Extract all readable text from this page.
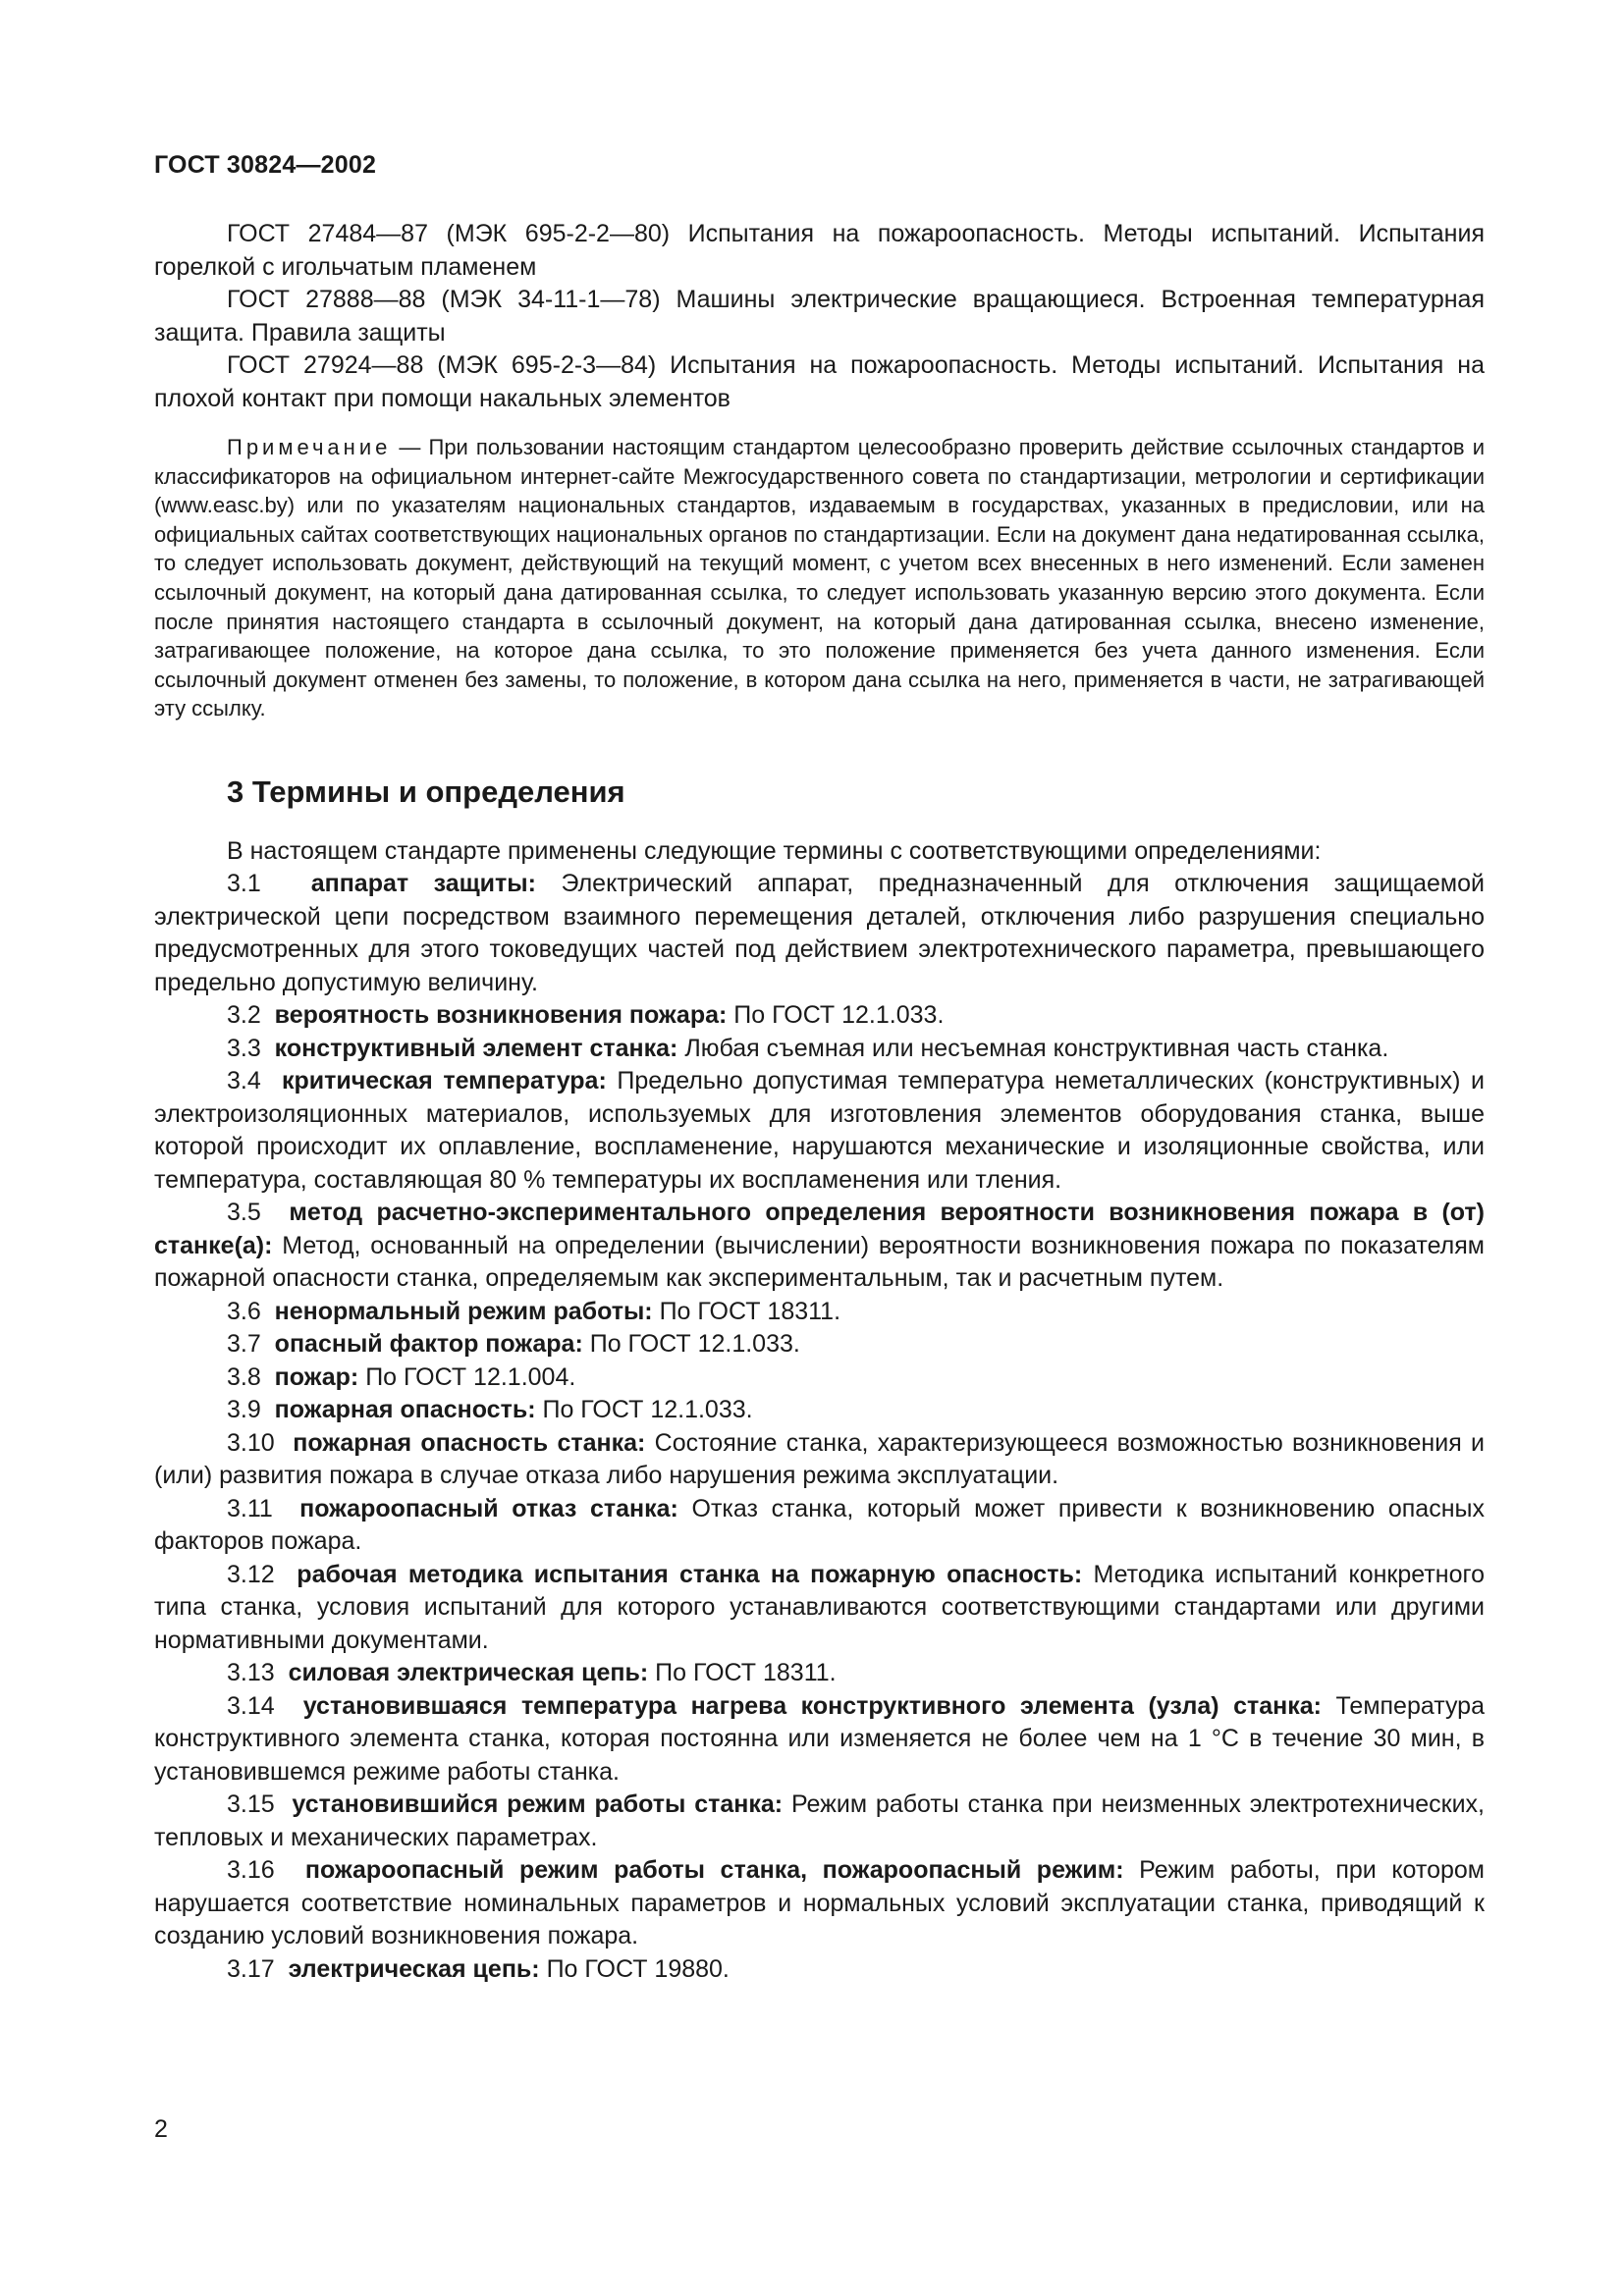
ГОСТ 30824—2002

ГОСТ 27484—87 (МЭК 695-2-2—80) Испытания на пожароопасность. Методы испытаний. Испытания горелкой с игольчатым пламенем

ГОСТ 27888—88 (МЭК 34-11-1—78) Машины электрические вращающиеся. Встроенная температурная защита. Правила защиты

ГОСТ 27924—88 (МЭК 695-2-3—84) Испытания на пожароопасность. Методы испытаний. Испытания на плохой контакт при помощи накальных элементов

Примечание — При пользовании настоящим стандартом целесообразно проверить действие ссылочных стандартов и классификаторов на официальном интернет-сайте Межгосударственного совета по стандартизации, метрологии и сертификации (www.easc.by) или по указателям национальных стандартов, издаваемым в государствах, указанных в предисловии, или на официальных сайтах соответствующих национальных органов по стандартизации. Если на документ дана недатированная ссылка, то следует использовать документ, действующий на текущий момент, с учетом всех внесенных в него изменений. Если заменен ссылочный документ, на который дана датированная ссылка, то следует использовать указанную версию этого документа. Если после принятия настоящего стандарта в ссылочный документ, на который дана датированная ссылка, внесено изменение, затрагивающее положение, на которое дана ссылка, то это положение применяется без учета данного изменения. Если ссылочный документ отменен без замены, то положение, в котором дана ссылка на него, применяется в части, не затрагивающей эту ссылку.

3 Термины и определения

В настоящем стандарте применены следующие термины с соответствующими определениями:

3.1 аппарат защиты: Электрический аппарат, предназначенный для отключения защищаемой электрической цепи посредством взаимного перемещения деталей, отключения либо разрушения специально предусмотренных для этого токоведущих частей под действием электротехнического параметра, превышающего предельно допустимую величину.

3.2 вероятность возникновения пожара: По ГОСТ 12.1.033.

3.3 конструктивный элемент станка: Любая съемная или несъемная конструктивная часть станка.

3.4 критическая температура: Предельно допустимая температура неметаллических (конструктивных) и электроизоляционных материалов, используемых для изготовления элементов оборудования станка, выше которой происходит их оплавление, воспламенение, нарушаются механические и изоляционные свойства, или температура, составляющая 80 % температуры их воспламенения или тления.

3.5 метод расчетно-экспериментального определения вероятности возникновения пожара в (от) станке(а): Метод, основанный на определении (вычислении) вероятности возникновения пожара по показателям пожарной опасности станка, определяемым как экспериментальным, так и расчетным путем.

3.6 ненормальный режим работы: По ГОСТ 18311.

3.7 опасный фактор пожара: По ГОСТ 12.1.033.

3.8 пожар: По ГОСТ 12.1.004.

3.9 пожарная опасность: По ГОСТ 12.1.033.

3.10 пожарная опасность станка: Состояние станка, характеризующееся возможностью возникновения и (или) развития пожара в случае отказа либо нарушения режима эксплуатации.

3.11 пожароопасный отказ станка: Отказ станка, который может привести к возникновению опасных факторов пожара.

3.12 рабочая методика испытания станка на пожарную опасность: Методика испытаний конкретного типа станка, условия испытаний для которого устанавливаются соответствующими стандартами или другими нормативными документами.

3.13 силовая электрическая цепь: По ГОСТ 18311.

3.14 установившаяся температура нагрева конструктивного элемента (узла) станка: Температура конструктивного элемента станка, которая постоянна или изменяется не более чем на 1 °С в течение 30 мин, в установившемся режиме работы станка.

3.15 установившийся режим работы станка: Режим работы станка при неизменных электротехнических, тепловых и механических параметрах.

3.16 пожароопасный режим работы станка, пожароопасный режим: Режим работы, при котором нарушается соответствие номинальных параметров и нормальных условий эксплуатации станка, приводящий к созданию условий возникновения пожара.

3.17 электрическая цепь: По ГОСТ 19880.

2
